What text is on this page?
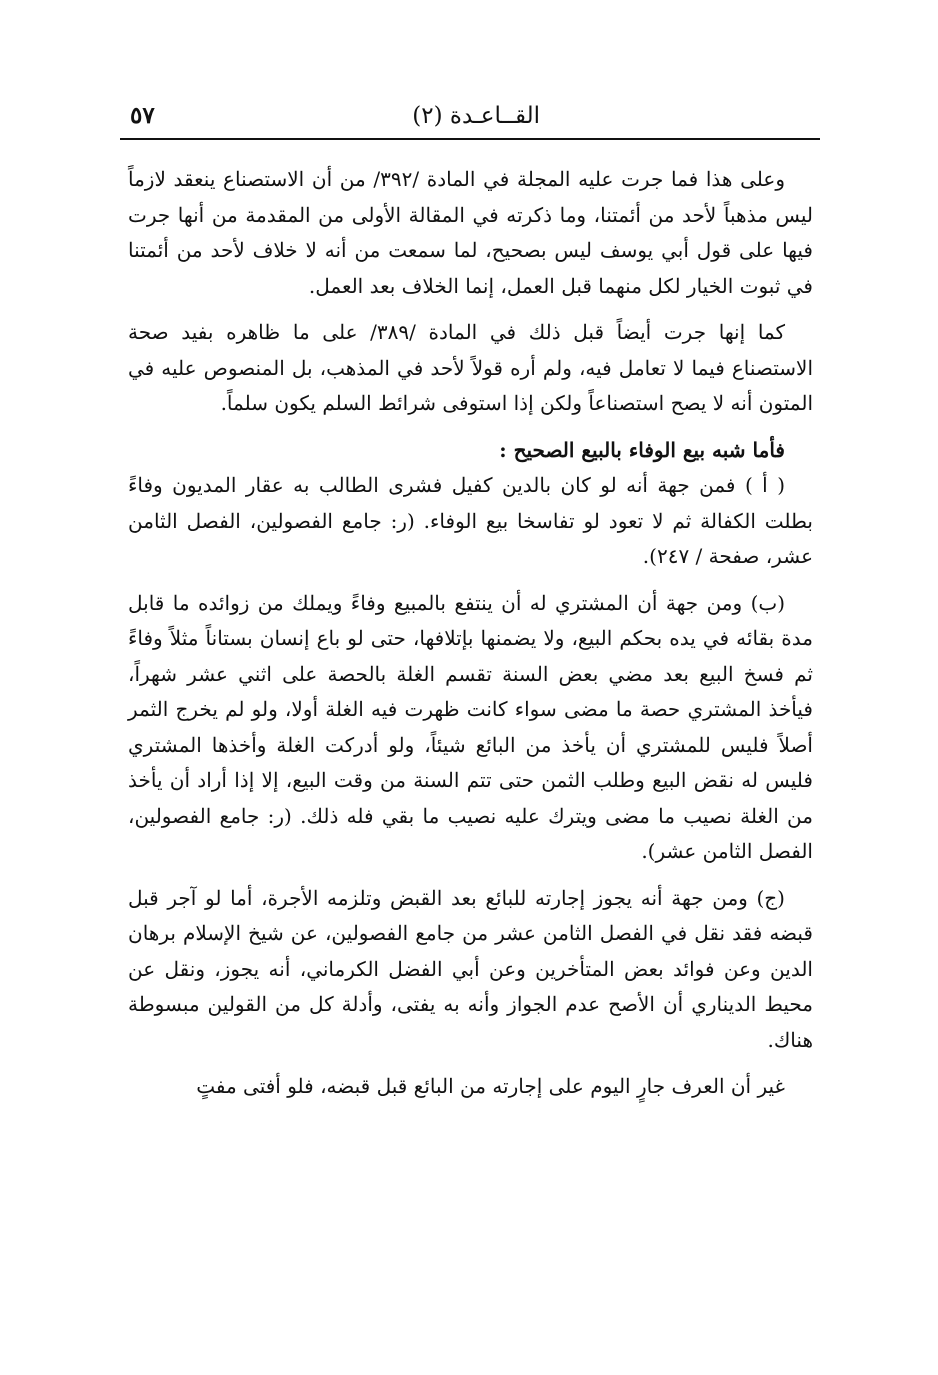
القــاعـدة (٢)
٥٧

وعلى هذا فما جرت عليه المجلة في المادة /٣٩٢/ من أن الاستصناع ينعقد لازماً ليس مذهباً لأحد من أئمتنا، وما ذكرته في المقالة الأولى من المقدمة من أنها جرت فيها على قول أبي يوسف ليس بصحيح، لما سمعت من أنه لا خلاف لأحد من أئمتنا في ثبوت الخيار لكل منهما قبل العمل، إنما الخلاف بعد العمل.

كما إنها جرت أيضاً قبل ذلك في المادة /٣٨٩/ على ما ظاهره بفيد صحة الاستصناع فيما لا تعامل فيه، ولم أره قولاً لأحد في المذهب، بل المنصوص عليه في المتون أنه لا يصح استصناعاً ولكن إذا استوفى شرائط السلم يكون سلماً.

فأما شبه بيع الوفاء بالبيع الصحيح :

( أ ) فمن جهة أنه لو كان بالدين كفيل فشرى الطالب به عقار المديون وفاءً بطلت الكفالة ثم لا تعود لو تفاسخا بيع الوفاء. (ر: جامع الفصولين، الفصل الثامن عشر، صفحة / ٢٤٧).

(ب) ومن جهة أن المشتري له أن ينتفع بالمبيع وفاءً ويملك من زوائده ما قابل مدة بقائه في يده بحكم البيع، ولا يضمنها بإتلافها، حتى لو باع إنسان بستاناً مثلاً وفاءً ثم فسخ البيع بعد مضي بعض السنة تقسم الغلة بالحصة على اثني عشر شهراً، فيأخذ المشتري حصة ما مضى سواء كانت ظهرت فيه الغلة أولا، ولو لم يخرج الثمر أصلاً فليس للمشتري أن يأخذ من البائع شيئاً، ولو أدركت الغلة وأخذها المشتري فليس له نقض البيع وطلب الثمن حتى تتم السنة من وقت البيع، إلا إذا أراد أن يأخذ من الغلة نصيب ما مضى ويترك عليه نصيب ما بقي فله ذلك. (ر: جامع الفصولين، الفصل الثامن عشر).

(ج) ومن جهة أنه يجوز إجارته للبائع بعد القبض وتلزمه الأجرة، أما لو آجر قبل قبضه فقد نقل في الفصل الثامن عشر من جامع الفصولين، عن شيخ الإسلام برهان الدين وعن فوائد بعض المتأخرين وعن أبي الفضل الكرماني، أنه يجوز، ونقل عن محيط الديناري أن الأصح عدم الجواز وأنه به يفتى، وأدلة كل من القولين مبسوطة هناك.

غير أن العرف جارٍ اليوم على إجارته من البائع قبل قبضه، فلو أفتى مفتٍ
